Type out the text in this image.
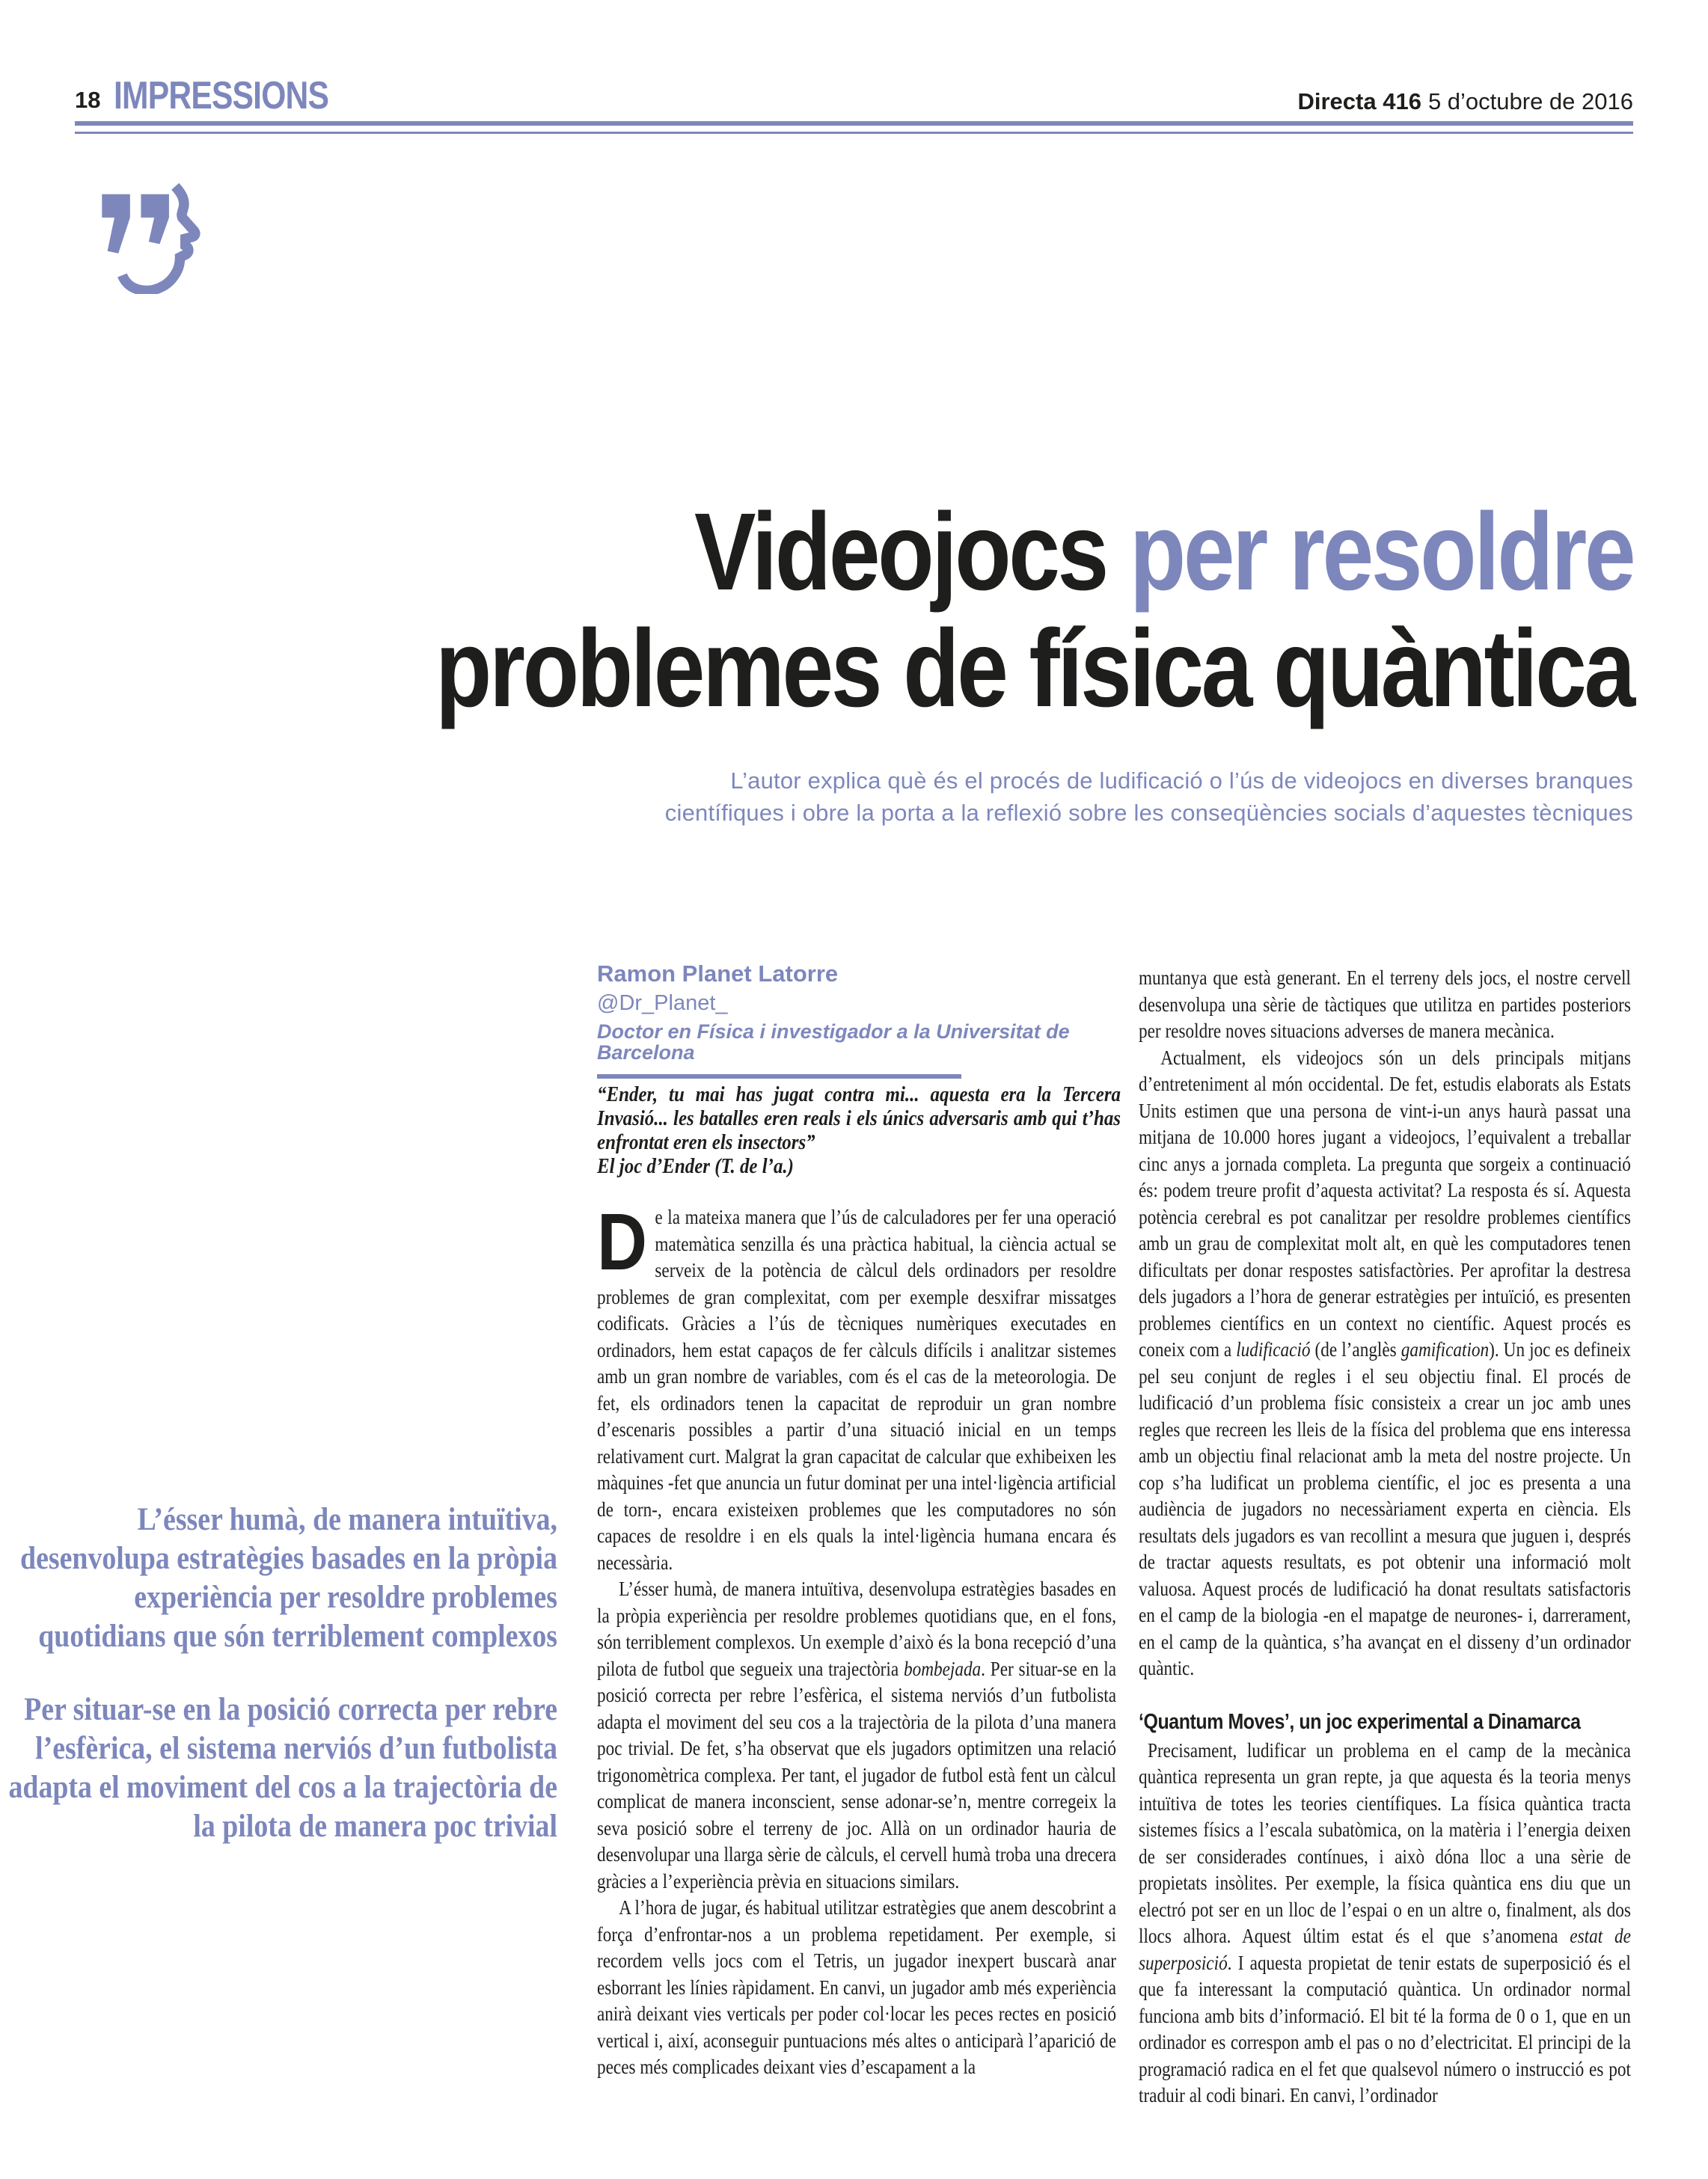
18 IMPRESSIONS	Directa 416 5 d’octubre de 2016
Videojocs per resoldre
problemes de física quàntica
L’autor explica què és el procés de ludificació o l’ús de videojocs en diverses branques
científiques i obre la porta a la reflexió sobre les conseqüències socials d’aquestes tècniques
Ramon Planet Latorre
@Dr_Planet_
Doctor en Física i investigador a la Universitat de Barcelona

“Ender, tu mai has jugat contra mi... aquesta era la Tercera Invasió... les batalles eren reals i els únics adversaris amb qui t’has enfrontat eren els insectors”

El joc d’Ender (T. de l’a.)

De la mateixa manera que l’ús de calculadores per fer una operació matemàtica senzilla és una pràctica habitual, la ciència actual se serveix de la potència de càlcul dels ordinadors per resoldre problemes de gran complexitat, com per exemple desxifrar missatges codificats. Gràcies a l’ús de tècniques numèriques executades en ordinadors, hem estat capaços de fer càlculs difícils i analitzar sistemes amb un gran nombre de variables, com és el cas de la meteorologia. De fet, els ordinadors tenen la capacitat de reproduir un gran nombre d’escenaris possibles a partir d’una situació inicial en un temps relativament curt. Malgrat la gran capacitat de calcular que exhibeixen les màquines -fet que anuncia un futur dominat per una intel·ligència artificial de torn-, encara existeixen problemes que les computadores no són capaces de resoldre i en els quals la intel·ligència humana encara és necessària.

L’ésser humà, de manera intuïtiva, desenvolupa estratègies basades en la pròpia experiència per resoldre problemes quotidians que, en el fons, són terriblement complexos. Un exemple d’això és la bona recepció d’una pilota de futbol que segueix una trajectòria bombejada. Per situar-se en la posició correcta per rebre l’esfèrica, el sistema nerviós d’un futbolista adapta el moviment del seu cos a la trajectòria de la pilota d’una manera poc trivial. De fet, s’ha observat que els jugadors optimitzen una relació trigonomètrica complexa. Per tant, el jugador de futbol està fent un càlcul complicat de manera inconscient, sense adonar-se’n, mentre corregeix la seva posició sobre el terreny de joc. Allà on un ordinador hauria de desenvolupar una llarga sèrie de càlculs, el cervell humà troba una drecera gràcies a l’experiència prèvia en situacions similars.

A l’hora de jugar, és habitual utilitzar estratègies que anem descobrint a força d’enfrontar-nos a un problema repetidament. Per exemple, si recordem vells jocs com el Tetris, un jugador inexpert buscarà anar esborrant les línies ràpidament. En canvi, un jugador amb més experiència anirà deixant vies verticals per poder col·locar les peces rectes en posició vertical i, així, aconseguir puntuacions més altes o anticiparà l’aparició de peces més complicades deixant vies d’escapament a la

muntanya que està generant. En el terreny dels jocs, el nostre cervell desenvolupa una sèrie de tàctiques que utilitza en partides posteriors per resoldre noves situacions adverses de manera mecànica.

Actualment, els videojocs són un dels principals mitjans d’entreteniment al món occidental. De fet, estudis elaborats als Estats Units estimen que una persona de vint-i-un anys haurà passat una mitjana de 10.000 hores jugant a videojocs, l’equivalent a treballar cinc anys a jornada completa. La pregunta que sorgeix a continuació és: podem treure profit d’aquesta activitat? La resposta és sí. Aquesta potència cerebral es pot canalitzar per resoldre problemes científics amb un grau de complexitat molt alt, en què les computadores tenen dificultats per donar respostes satisfactòries. Per aprofitar la destresa dels jugadors a l’hora de generar estratègies per intuïció, es presenten problemes científics en un context no científic. Aquest procés es coneix com a ludificació (de l’anglès gamification). Un joc es defineix pel seu conjunt de regles i el seu objectiu final. El procés de ludificació d’un problema físic consisteix a crear un joc amb unes regles que recreen les lleis de la física del problema que ens interessa amb un objectiu final relacionat amb la meta del nostre projecte. Un cop s’ha ludificat un problema científic, el joc es presenta a una audiència de jugadors no necessàriament experta en ciència. Els resultats dels jugadors es van recollint a mesura que juguen i, després de tractar aquests resultats, es pot obtenir una informació molt valuosa. Aquest procés de ludificació ha donat resultats satisfactoris en el camp de la biologia -en el mapatge de neurones- i, darrerament, en el camp de la quàntica, s’ha avançat en el disseny d’un ordinador quàntic.

‘Quantum Moves’, un joc experimental a Dinamarca

Precisament, ludificar un problema en el camp de la mecànica quàntica representa un gran repte, ja que aquesta és la teoria menys intuïtiva de totes les teories científiques. La física quàntica tracta sistemes físics a l’escala subatòmica, on la matèria i l’energia deixen de ser considerades contínues, i això dóna lloc a una sèrie de propietats insòlites. Per exemple, la física quàntica ens diu que un electró pot ser en un lloc de l’espai o en un altre o, finalment, als dos llocs alhora. Aquest últim estat és el que s’anomena estat de superposició. I aquesta propietat de tenir estats de superposició és el que fa interessant la computació quàntica. Un ordinador normal funciona amb bits d’informació. El bit té la forma de 0 o 1, que en un ordinador es correspon amb el pas o no d’electricitat. El principi de la programació radica en el fet que qualsevol número o instrucció es pot traduir al codi binari. En canvi, l’ordinador

L’ésser humà, de manera intuïtiva, desenvolupa estratègies basades en la pròpia experiència per resoldre problemes quotidians que són terriblement complexos
Per situar-se en la posició correcta per rebre l’esfèrica, el sistema nerviós d’un futbolista adapta el moviment del cos a la trajectòria de la pilota de manera poc trivial
